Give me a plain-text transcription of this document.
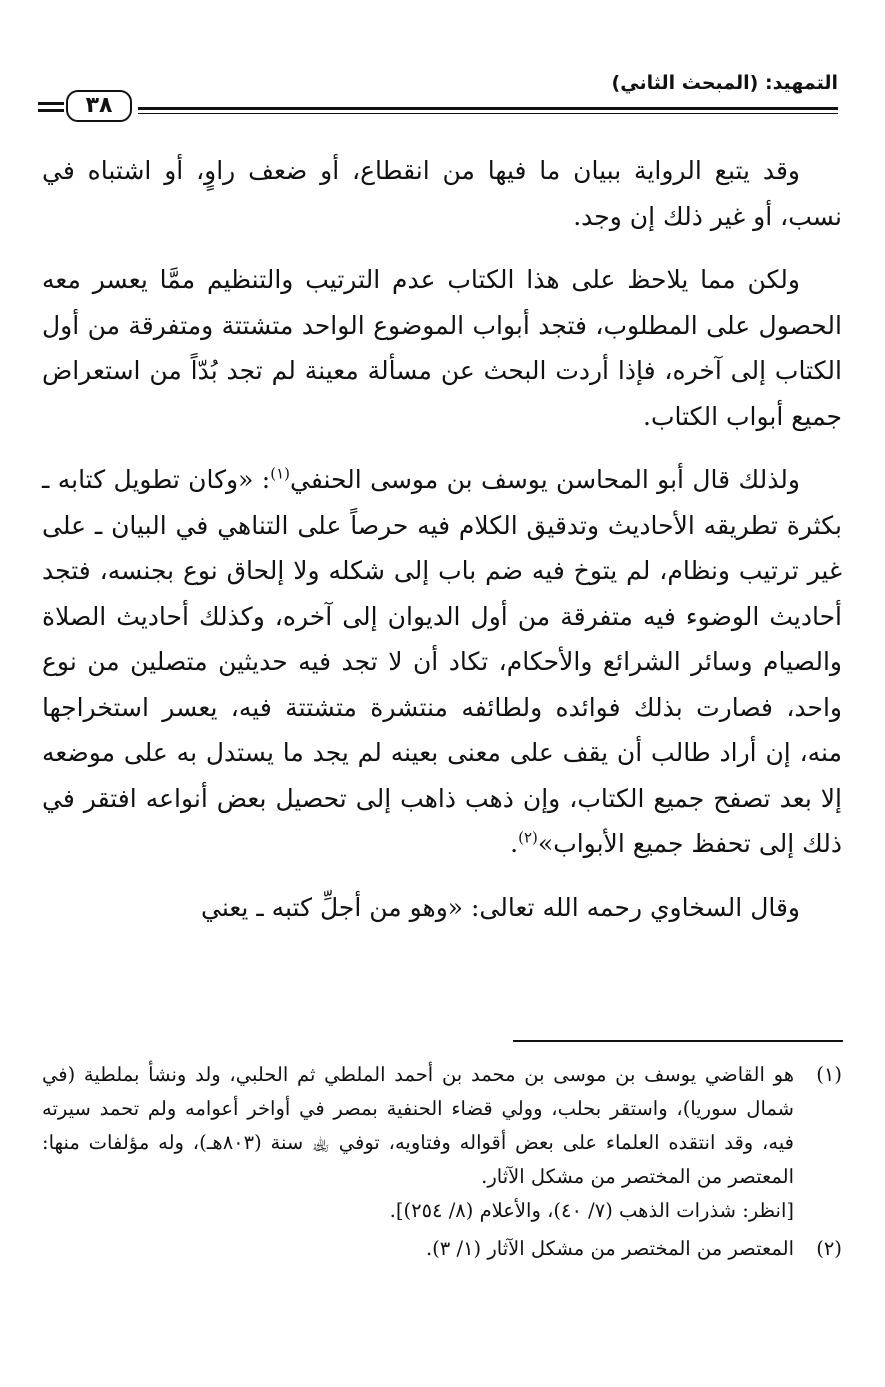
التمهيد: (المبحث الثاني)
٣٨

وقد يتبع الرواية ببيان ما فيها من انقطاع، أو ضعف راوٍ، أو اشتباه في نسب، أو غير ذلك إن وجد.

ولكن مما يلاحظ على هذا الكتاب عدم الترتيب والتنظيم ممَّا يعسر معه الحصول على المطلوب، فتجد أبواب الموضوع الواحد متشتتة ومتفرقة من أول الكتاب إلى آخره، فإذا أردت البحث عن مسألة معينة لم تجد بُدّاً من استعراض جميع أبواب الكتاب.

ولذلك قال أبو المحاسن يوسف بن موسى الحنفي$^{(١)}$: «وكان تطويل كتابه ـ بكثرة تطريقه الأحاديث وتدقيق الكلام فيه حرصاً على التناهي في البيان ـ على غير ترتيب ونظام، لم يتوخ فيه ضم باب إلى شكله ولا إلحاق نوع بجنسه، فتجد أحاديث الوضوء فيه متفرقة من أول الديوان إلى آخره، وكذلك أحاديث الصلاة والصيام وسائر الشرائع والأحكام، تكاد أن لا تجد فيه حديثين متصلين من نوع واحد، فصارت بذلك فوائده ولطائفه منتشرة متشتتة فيه، يعسر استخراجها منه، إن أراد طالب أن يقف على معنى بعينه لم يجد ما يستدل به على موضعه إلا بعد تصفح جميع الكتاب، وإن ذهب ذاهب إلى تحصيل بعض أنواعه افتقر في ذلك إلى تحفظ جميع الأبواب»$^{(٢)}$.

وقال السخاوي رحمه الله تعالى: «وهو من أجلِّ كتبه ـ يعني

(١)
هو القاضي يوسف بن موسى بن محمد بن أحمد الملطي ثم الحلبي، ولد ونشأ بملطية (في شمال سوريا)، واستقر بحلب، وولي قضاء الحنفية بمصر في أواخر أعوامه ولم تحمد سيرته فيه، وقد انتقده العلماء على بعض أقواله وفتاويه، توفي ﵀ سنة (٨٠٣هـ)، وله مؤلفات منها: المعتصر من المختصر من مشكل الآثار.
[انظر: شذرات الذهب (٧/ ٤٠)، والأعلام (٨/ ٢٥٤)].
(٢)
المعتصر من المختصر من مشكل الآثار (١/ ٣).
